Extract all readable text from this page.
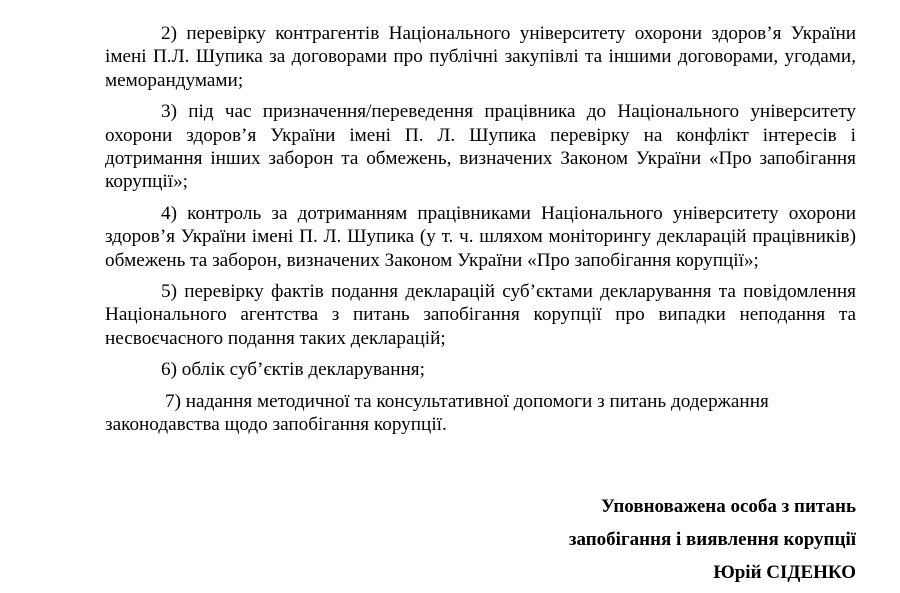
2) перевірку контрагентів Національного університету охорони здоров’я України імені П.Л. Шупика за договорами про публічні закупівлі та іншими договорами, угодами, меморандумами;

3) під час призначення/переведення працівника до Національного університету охорони здоров’я України імені П. Л. Шупика перевірку на конфлікт інтересів і дотримання інших заборон та обмежень, визначених Законом України «Про запобігання корупції»;

4) контроль за дотриманням працівниками Національного університету охорони здоров’я України імені П. Л. Шупика (у т. ч. шляхом моніторингу декларацій працівників) обмежень та заборон, визначених Законом України «Про запобігання корупції»;

5) перевірку фактів подання декларацій суб’єктами декларування та повідомлення Національного агентства з питань запобігання корупції про випадки неподання та несвоєчасного подання таких декларацій;

6) облік суб’єктів декларування;

7) надання методичної та консультативної допомоги з питань додержання законодавства щодо запобігання корупції.

Уповноважена особа з питань

запобігання і виявлення корупції

Юрій СІДЕНКО
